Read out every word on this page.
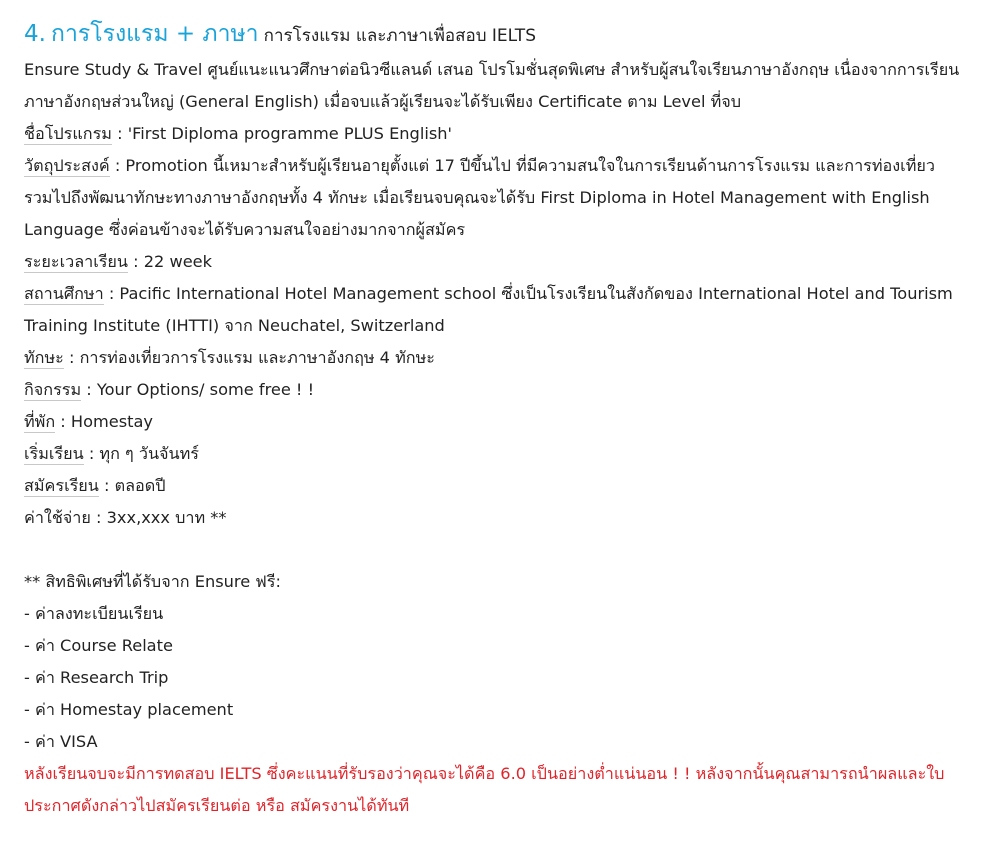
4. การโรงแรม + ภาษา การโรงแรม และภาษาเพื่อสอบ IELTS

Ensure Study & Travel ศูนย์แนะแนวศึกษาต่อนิวซีแลนด์ เสนอ โปรโมชั่นสุดพิเศษ สำหรับผู้สนใจเรียนภาษาอังกฤษ เนื่องจากการเรียนภาษาอังกฤษส่วนใหญ่ (General English) เมื่อจบแล้วผู้เรียนจะได้รับเพียง Certificate ตาม Level ที่จบ

ชื่อโปรแกรม : 'First Diploma programme PLUS English'

วัตถุประสงค์ : Promotion นี้เหมาะสำหรับผู้เรียนอายุตั้งแต่ 17 ปีขึ้นไป ที่มีความสนใจในการเรียนด้านการโรงแรม และการท่องเที่ยว รวมไปถึงพัฒนาทักษะทางภาษาอังกฤษทั้ง 4 ทักษะ เมื่อเรียนจบคุณจะได้รับ First Diploma in Hotel Management with English Language ซึ่งค่อนข้างจะได้รับความสนใจอย่างมากจากผู้สมัคร

ระยะเวลาเรียน : 22 week

สถานศึกษา : Pacific International Hotel Management school ซึ่งเป็นโรงเรียนในสังกัดของ International Hotel and Tourism Training Institute (IHTTI) จาก Neuchatel, Switzerland

ทักษะ : การท่องเที่ยวการโรงแรม และภาษาอังกฤษ 4 ทักษะ

กิจกรรม : Your Options/ some free ! !

ที่พัก : Homestay

เริ่มเรียน : ทุก ๆ วันจันทร์

สมัครเรียน : ตลอดปี

ค่าใช้จ่าย : 3xx,xxx บาท **

** สิทธิพิเศษที่ได้รับจาก Ensure ฟรี:

- ค่าลงทะเบียนเรียน

- ค่า Course Relate

- ค่า Research Trip

- ค่า Homestay placement

- ค่า VISA

หลังเรียนจบจะมีการทดสอบ IELTS ซึ่งคะแนนที่รับรองว่าคุณจะได้คือ 6.0 เป็นอย่างต่ำแน่นอน ! ! หลังจากนั้นคุณสามารถนำผลและใบประกาศดังกล่าวไปสมัครเรียนต่อ หรือ สมัครงานได้ทันที
